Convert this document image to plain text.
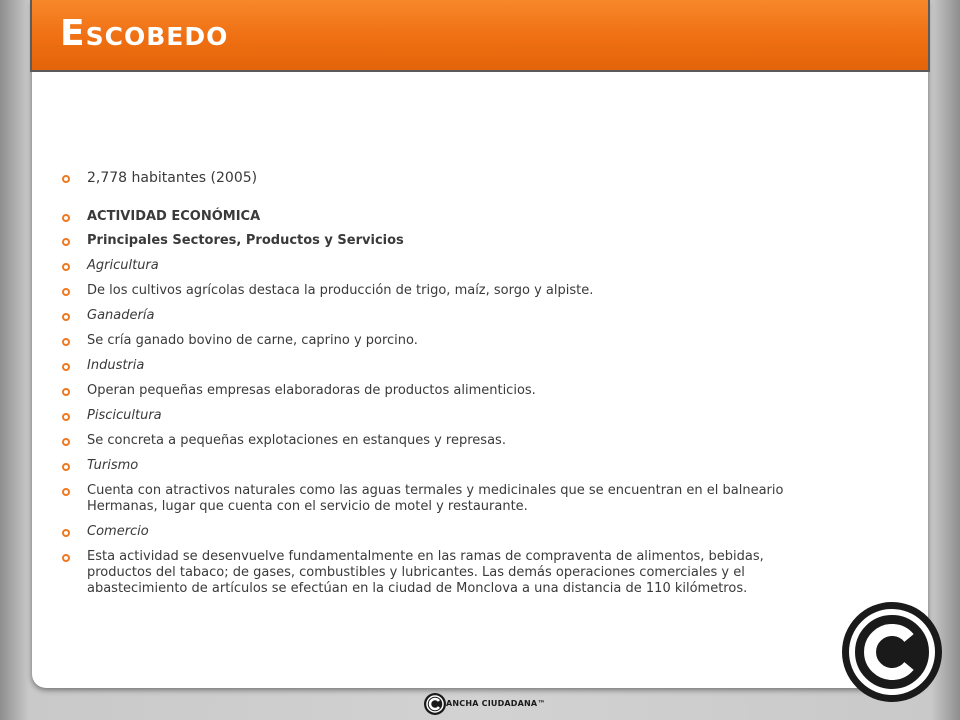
Escobedo
2,778 habitantes (2005)
ACTIVIDAD ECONÓMICA
Principales Sectores, Productos y Servicios
Agricultura
De los cultivos agrícolas destaca la producción de trigo, maíz, sorgo y alpiste.
Ganadería
Se cría ganado bovino de carne, caprino y porcino.
Industria
Operan pequeñas empresas elaboradoras de productos alimenticios.
Piscicultura
Se concreta a pequeñas explotaciones en estanques y represas.
Turismo
Cuenta con atractivos naturales como las aguas termales y medicinales que se encuentran en el balneario Hermanas, lugar que cuenta con el servicio de motel y restaurante.
Comercio
Esta actividad se desenvuelve fundamentalmente en las ramas de compraventa de alimentos, bebidas, productos del tabaco; de gases, combustibles y lubricantes. Las demás operaciones comerciales y el abastecimiento de artículos se efectúan en la ciudad de Monclova a una distancia de 110 kilómetros.

ANCHA CIUDADANA™
